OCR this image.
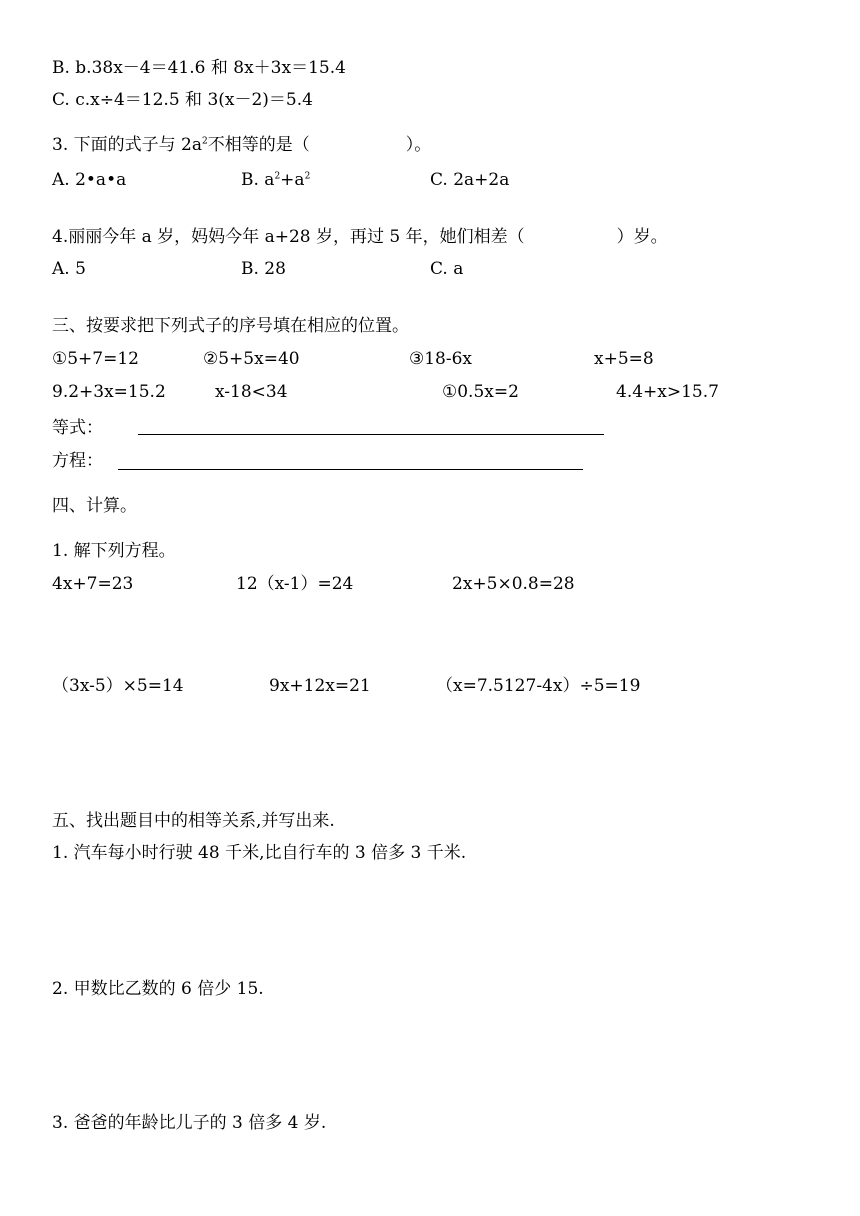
B. b.38x－4＝41.6 和 8x＋3x＝15.4
C. c.x÷4＝12.5 和 3(x－2)＝5.4
3. 下面的式子与 $2a^2$不相等的是（	）。
A. 2•a•a	B. $a^2+a^2$	C. 2a+2a
4.丽丽今年 a 岁，妈妈今年 a+28 岁，再过 5 年，她们相差（	）岁。
A. 5	B. 28	C. a
三、按要求把下列式子的序号填在相应的位置。
①5+7=12	②5+5x=40	③18-6x	x+5=8
9.2+3x=15.2	x-18<34	①0.5x=2	4.4+x>15.7
等式：
方程：
四、计算。
1. 解下列方程。
4x+7=23	12（x-1）=24	2x+5×0.8=28
（3x-5）×5=14	9x+12x=21	（x=7.5127-4x）÷5=19
五、找出题目中的相等关系,并写出来.
1. 汽车每小时行驶 48 千米,比自行车的 3 倍多 3 千米.
2. 甲数比乙数的 6 倍少 15.
3. 爸爸的年龄比儿子的 3 倍多 4 岁.
